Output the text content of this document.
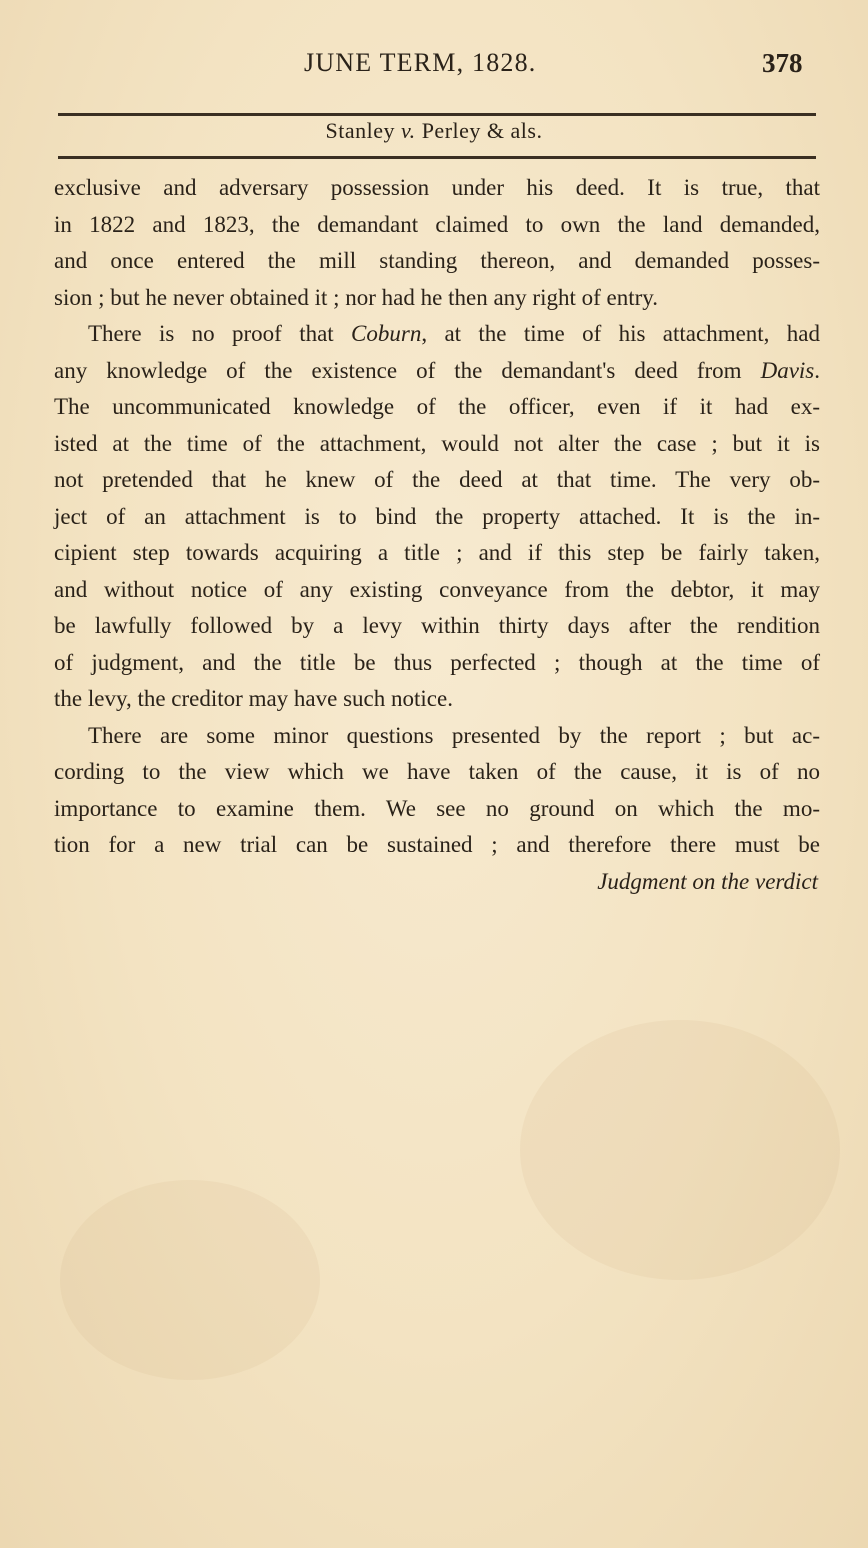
JUNE TERM, 1828.	378
Stanley v. Perley & als.
exclusive and adversary possession under his deed. It is true, that
in 1822 and 1823, the demandant claimed to own the land demanded,
and once entered the mill standing thereon, and demanded posses-
sion ; but he never obtained it ; nor had he then any right of entry.
There is no proof that Coburn, at the time of his attachment, had
any knowledge of the existence of the demandant's deed from Davis.
The uncommunicated knowledge of the officer, even if it had ex-
isted at the time of the attachment, would not alter the case ; but it is
not pretended that he knew of the deed at that time. The very ob-
ject of an attachment is to bind the property attached. It is the in-
cipient step towards acquiring a title ; and if this step be fairly taken,
and without notice of any existing conveyance from the debtor, it may
be lawfully followed by a levy within thirty days after the rendition
of judgment, and the title be thus perfected ; though at the time of
the levy, the creditor may have such notice.
There are some minor questions presented by the report ; but ac-
cording to the view which we have taken of the cause, it is of no
importance to examine them. We see no ground on which the mo-
tion for a new trial can be sustained ; and therefore there must be
Judgment on the verdict
